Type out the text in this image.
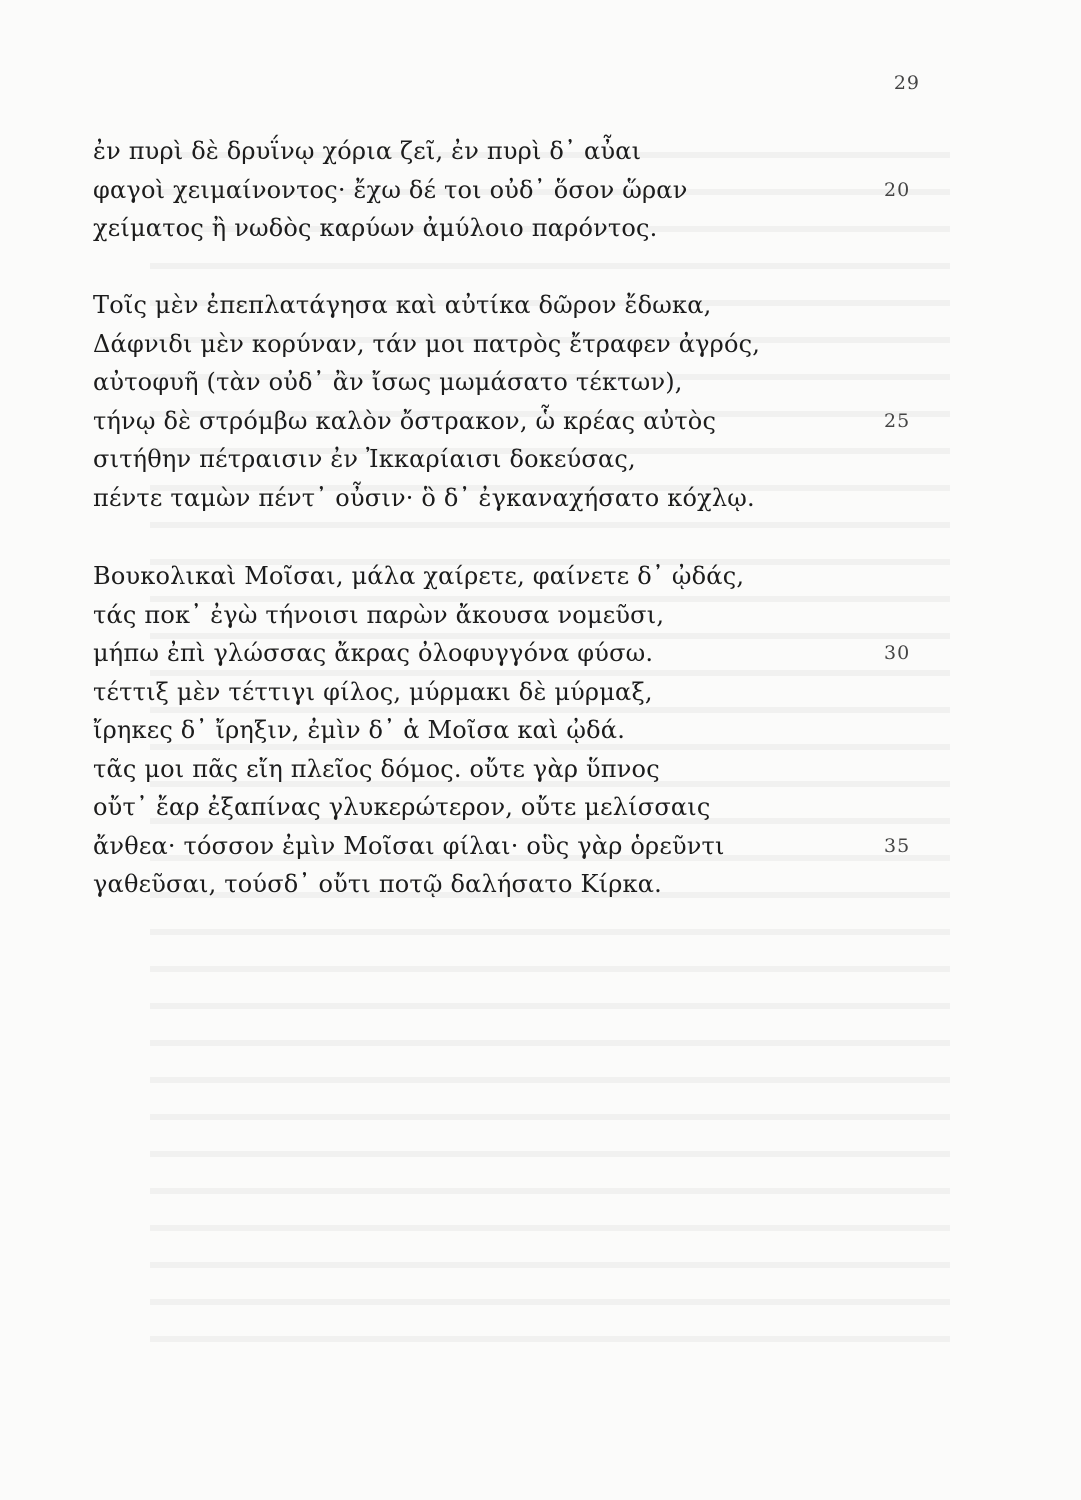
29
ἐν πυρὶ δὲ δρυΐνῳ χόρια ζεῖ, ἐν πυρὶ δ᾽ αὖαι
φαγοὶ χειμαίνοντος· ἔχω δέ τοι οὐδ᾽ ὅσον ὥραν	20
χείματος ἢ νωδὸς καρύων ἀμύλοιο παρόντος.
Τοῖς μὲν ἐπεπλατάγησα καὶ αὐτίκα δῶρον ἔδωκα,
Δάφνιδι μὲν κορύναν, τάν μοι πατρὸς ἔτραφεν ἀγρός,
αὐτοφυῆ (τὰν οὐδ᾽ ἂν ἴσως μωμάσατο τέκτων),
τήνῳ δὲ στρόμβω καλὸν ὄστρακον, ὧ κρέας αὐτὸς	25
σιτήθην πέτραισιν ἐν Ἰκκαρίαισι δοκεύσας,
πέντε ταμὼν πέντ᾽ οὖσιν· ὃ δ᾽ ἐγκαναχήσατο κόχλῳ.
Βουκολικαὶ Μοῖσαι, μάλα χαίρετε, φαίνετε δ᾽ ᾠδάς,
τάς ποκ᾽ ἐγὼ τήνοισι παρὼν ἄκουσα νομεῦσι,
μήπω ἐπὶ γλώσσας ἄκρας ὀλοφυγγόνα φύσω.	30
τέττιξ μὲν τέττιγι φίλος, μύρμακι δὲ μύρμαξ,
ἴρηκες δ᾽ ἴρηξιν, ἐμὶν δ᾽ ἁ Μοῖσα καὶ ᾠδά.
τᾶς μοι πᾶς εἴη πλεῖος δόμος. οὔτε γὰρ ὕπνος
οὔτ᾽ ἔαρ ἐξαπίνας γλυκερώτερον, οὔτε μελίσσαις
ἄνθεα· τόσσον ἐμὶν Μοῖσαι φίλαι· οὓς γὰρ ὁρεῦντι	35
γαθεῦσαι, τούσδ᾽ οὔτι ποτῷ δαλήσατο Κίρκα.
